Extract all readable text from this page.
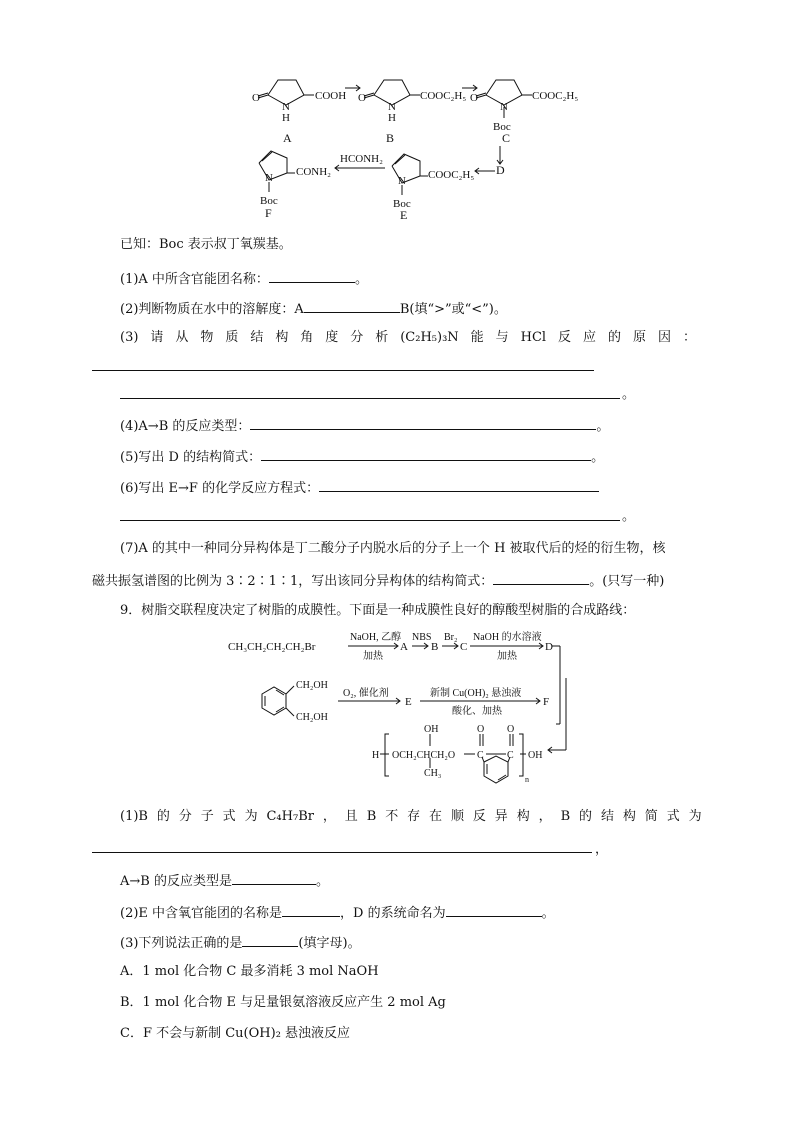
O
N
H
COOH
A
O
N
H
COOC₂H₅
B
O
N
Boc
COOC₂H₅
C
D
N
Boc
COOC₂H₅
E
HCONH₂
N
Boc
CONH₂
F
已知：Boc 表示叔丁氧羰基。
(1)A 中所含官能团名称：	。
(2)判断物质在水中的溶解度：A	B(填“>”或“<”)。
(3) 请 从 物 质 结 构 角 度 分 析 (C₂H₅)₃N 能 与 HCl 反 应 的 原 因 ：
。
(4)A→B 的反应类型：	。
(5)写出 D 的结构简式：	。
(6)写出 E→F 的化学反应方程式：
。
(7)A 的其中一种同分异构体是丁二酸分子内脱水后的分子上一个 H 被取代后的烃的衍生物，核
磁共振氢谱图的比例为 3∶2∶1∶1，写出该同分异构体的结构简式：	。(只写一种)
9．树脂交联程度决定了树脂的成膜性。下面是一种成膜性良好的醇酸型树脂的合成路线：
CH₃CH₂CH₂CH₂Br
NaOH, 乙醇
加热
A
NBS
B
Br₂
C
NaOH 的水溶液
加热
D
CH₂OH
CH₂OH
O₂, 催化剂
E
新制 Cu(OH)₂ 悬浊液
酸化、加热
F
H OCH₂CHCH₂O
OH
CH₃
O O
C C OH
n
(1)B 的 分 子 式 为 C₄H₇Br ， 且 B 不 存 在 顺 反 异 构 ， B 的 结 构 简 式 为
，
A→B 的反应类型是	。
(2)E 中含氧官能团的名称是	，D 的系统命名为	。
(3)下列说法正确的是	(填字母)。
A．1 mol 化合物 C 最多消耗 3 mol NaOH
B．1 mol 化合物 E 与足量银氨溶液反应产生 2 mol Ag
C．F 不会与新制 Cu(OH)₂ 悬浊液反应
